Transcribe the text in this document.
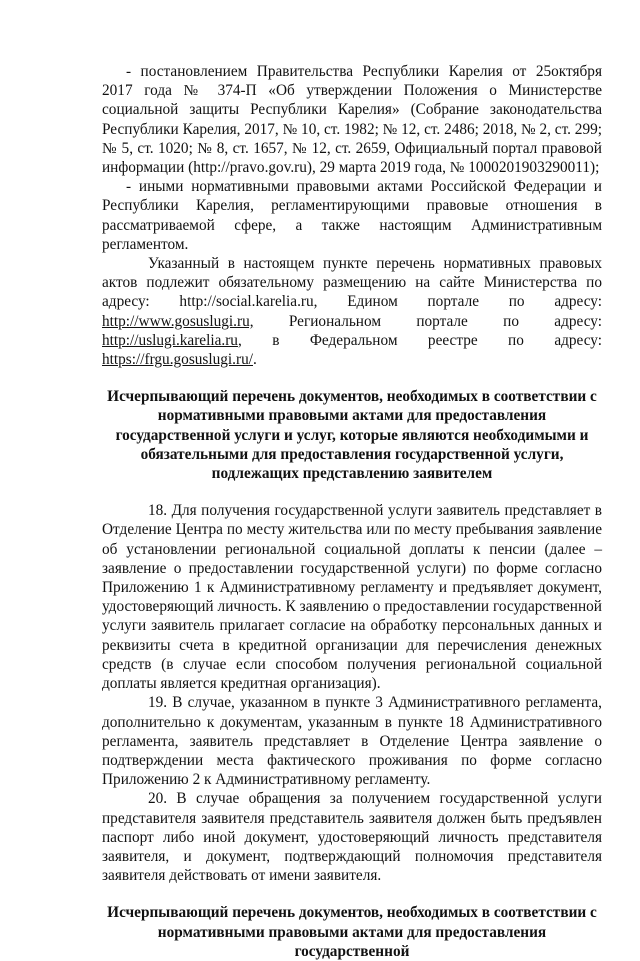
- постановлением Правительства Республики Карелия от 25октября 2017 года № 374-П «Об утверждении Положения о Министерстве социальной защиты Республики Карелия» (Собрание законодательства Республики Карелия, 2017, № 10, ст. 1982; № 12, ст. 2486; 2018, № 2, ст. 299; № 5, ст. 1020; № 8, ст. 1657, № 12, ст. 2659, Официальный портал правовой информации (http://pravo.gov.ru), 29 марта 2019 года, № 1000201903290011);

- иными нормативными правовыми актами Российской Федерации и Республики Карелия, регламентирующими правовые отношения в рассматриваемой сфере, а также настоящим Административным регламентом.

Указанный в настоящем пункте перечень нормативных правовых актов подлежит обязательному размещению на сайте Министерства по адресу: http://social.karelia.ru, Едином портале по адресу: http://www.gosuslugi.ru, Региональном портале по адресу: http://uslugi.karelia.ru, в Федеральном реестре по адресу: https://frgu.gosuslugi.ru/.

Исчерпывающий перечень документов, необходимых в соответствии с нормативными правовыми актами для предоставления государственной услуги и услуг, которые являются необходимыми и обязательными для предоставления государственной услуги, подлежащих представлению заявителем

18. Для получения государственной услуги заявитель представляет в Отделение Центра по месту жительства или по месту пребывания заявление об установлении региональной социальной доплаты к пенсии (далее – заявление о предоставлении государственной услуги) по форме согласно Приложению 1 к Административному регламенту и предъявляет документ, удостоверяющий личность. К заявлению о предоставлении государственной услуги заявитель прилагает согласие на обработку персональных данных и реквизиты счета в кредитной организации для перечисления денежных средств (в случае если способом получения региональной социальной доплаты является кредитная организация).

19. В случае, указанном в пункте 3 Административного регламента, дополнительно к документам, указанным в пункте 18 Административного регламента, заявитель представляет в Отделение Центра заявление о подтверждении места фактического проживания по форме согласно Приложению 2 к Административному регламенту.

20. В случае обращения за получением государственной услуги представителя заявителя представитель заявителя должен быть предъявлен паспорт либо иной документ, удостоверяющий личность представителя заявителя, и документ, подтверждающий полномочия представителя заявителя действовать от имени заявителя.

Исчерпывающий перечень документов, необходимых в соответствии с нормативными правовыми актами для предоставления государственной
